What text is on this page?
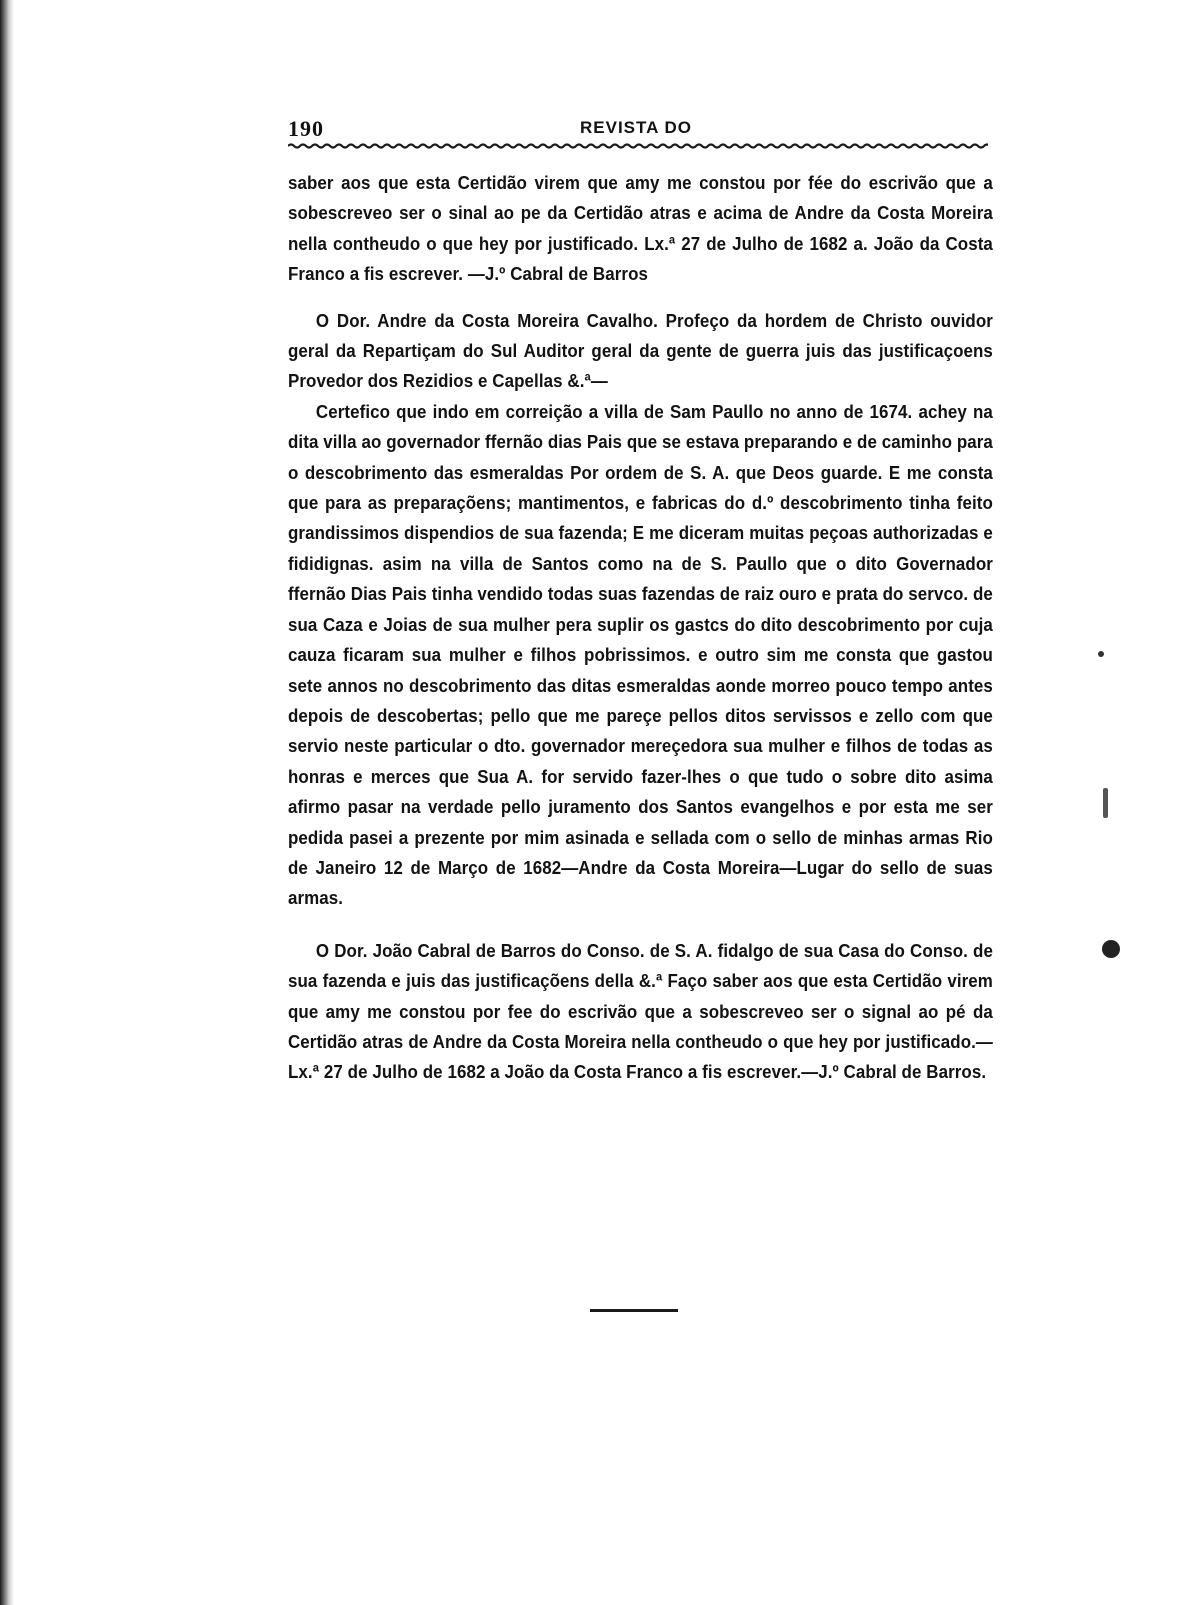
190	REVISTA DO

saber aos que esta Certidão virem que amy me constou por fée do escrivão que a sobescreveo ser o sinal ao pe da Certidão atras e acima de Andre da Costa Moreira nella contheudo o que hey por justificado. Lx.ª 27 de Julho de 1682 a. João da Costa Franco a fis escrever. —J.º Cabral de Barros

O Dor. Andre da Costa Moreira Cavalho. Profeço da hordem de Christo ouvidor geral da Repartiçam do Sul Auditor geral da gente de guerra juis das justificaçoens Provedor dos Rezidios e Capellas &.ª—

Certefico que indo em correição a villa de Sam Paullo no anno de 1674. achey na dita villa ao governador ffernão dias Pais que se estava preparando e de caminho para o descobrimento das esmeraldas Por ordem de S. A. que Deos guarde. E me consta que para as preparaçõens; mantimentos, e fabricas do d.º descobrimento tinha feito grandissimos dispendios de sua fazenda; E me diceram muitas peçoas authorizadas e fididignas. asim na villa de Santos como na de S. Paullo que o dito Governador ffernão Dias Pais tinha vendido todas suas fazendas de raiz ouro e prata do servco. de sua Caza e Joias de sua mulher pera suplir os gastcs do dito descobrimento por cuja cauza ficaram sua mulher e filhos pobrissimos. e outro sim me consta que gastou sete annos no descobrimento das ditas esmeraldas aonde morreo pouco tempo antes depois de descobertas; pello que me pareçe pellos ditos servissos e zello com que servio neste particular o dto. governador mereçedora sua mulher e filhos de todas as honras e merces que Sua A. for servido fazer-lhes o que tudo o sobre dito asima afirmo pasar na verdade pello juramento dos Santos evangelhos e por esta me ser pedida pasei a prezente por mim asinada e sellada com o sello de minhas armas Rio de Janeiro 12 de Março de 1682—Andre da Costa Moreira—Lugar do sello de suas armas.

O Dor. João Cabral de Barros do Conso. de S. A. fidalgo de sua Casa do Conso. de sua fazenda e juis das justificaçõens della &.ª Faço saber aos que esta Certidão virem que amy me constou por fee do escrivão que a sobescreveo ser o signal ao pé da Certidão atras de Andre da Costa Moreira nella contheudo o que hey por justificado.—Lx.ª 27 de Julho de 1682 a João da Costa Franco a fis escrever.—J.º Cabral de Barros.
